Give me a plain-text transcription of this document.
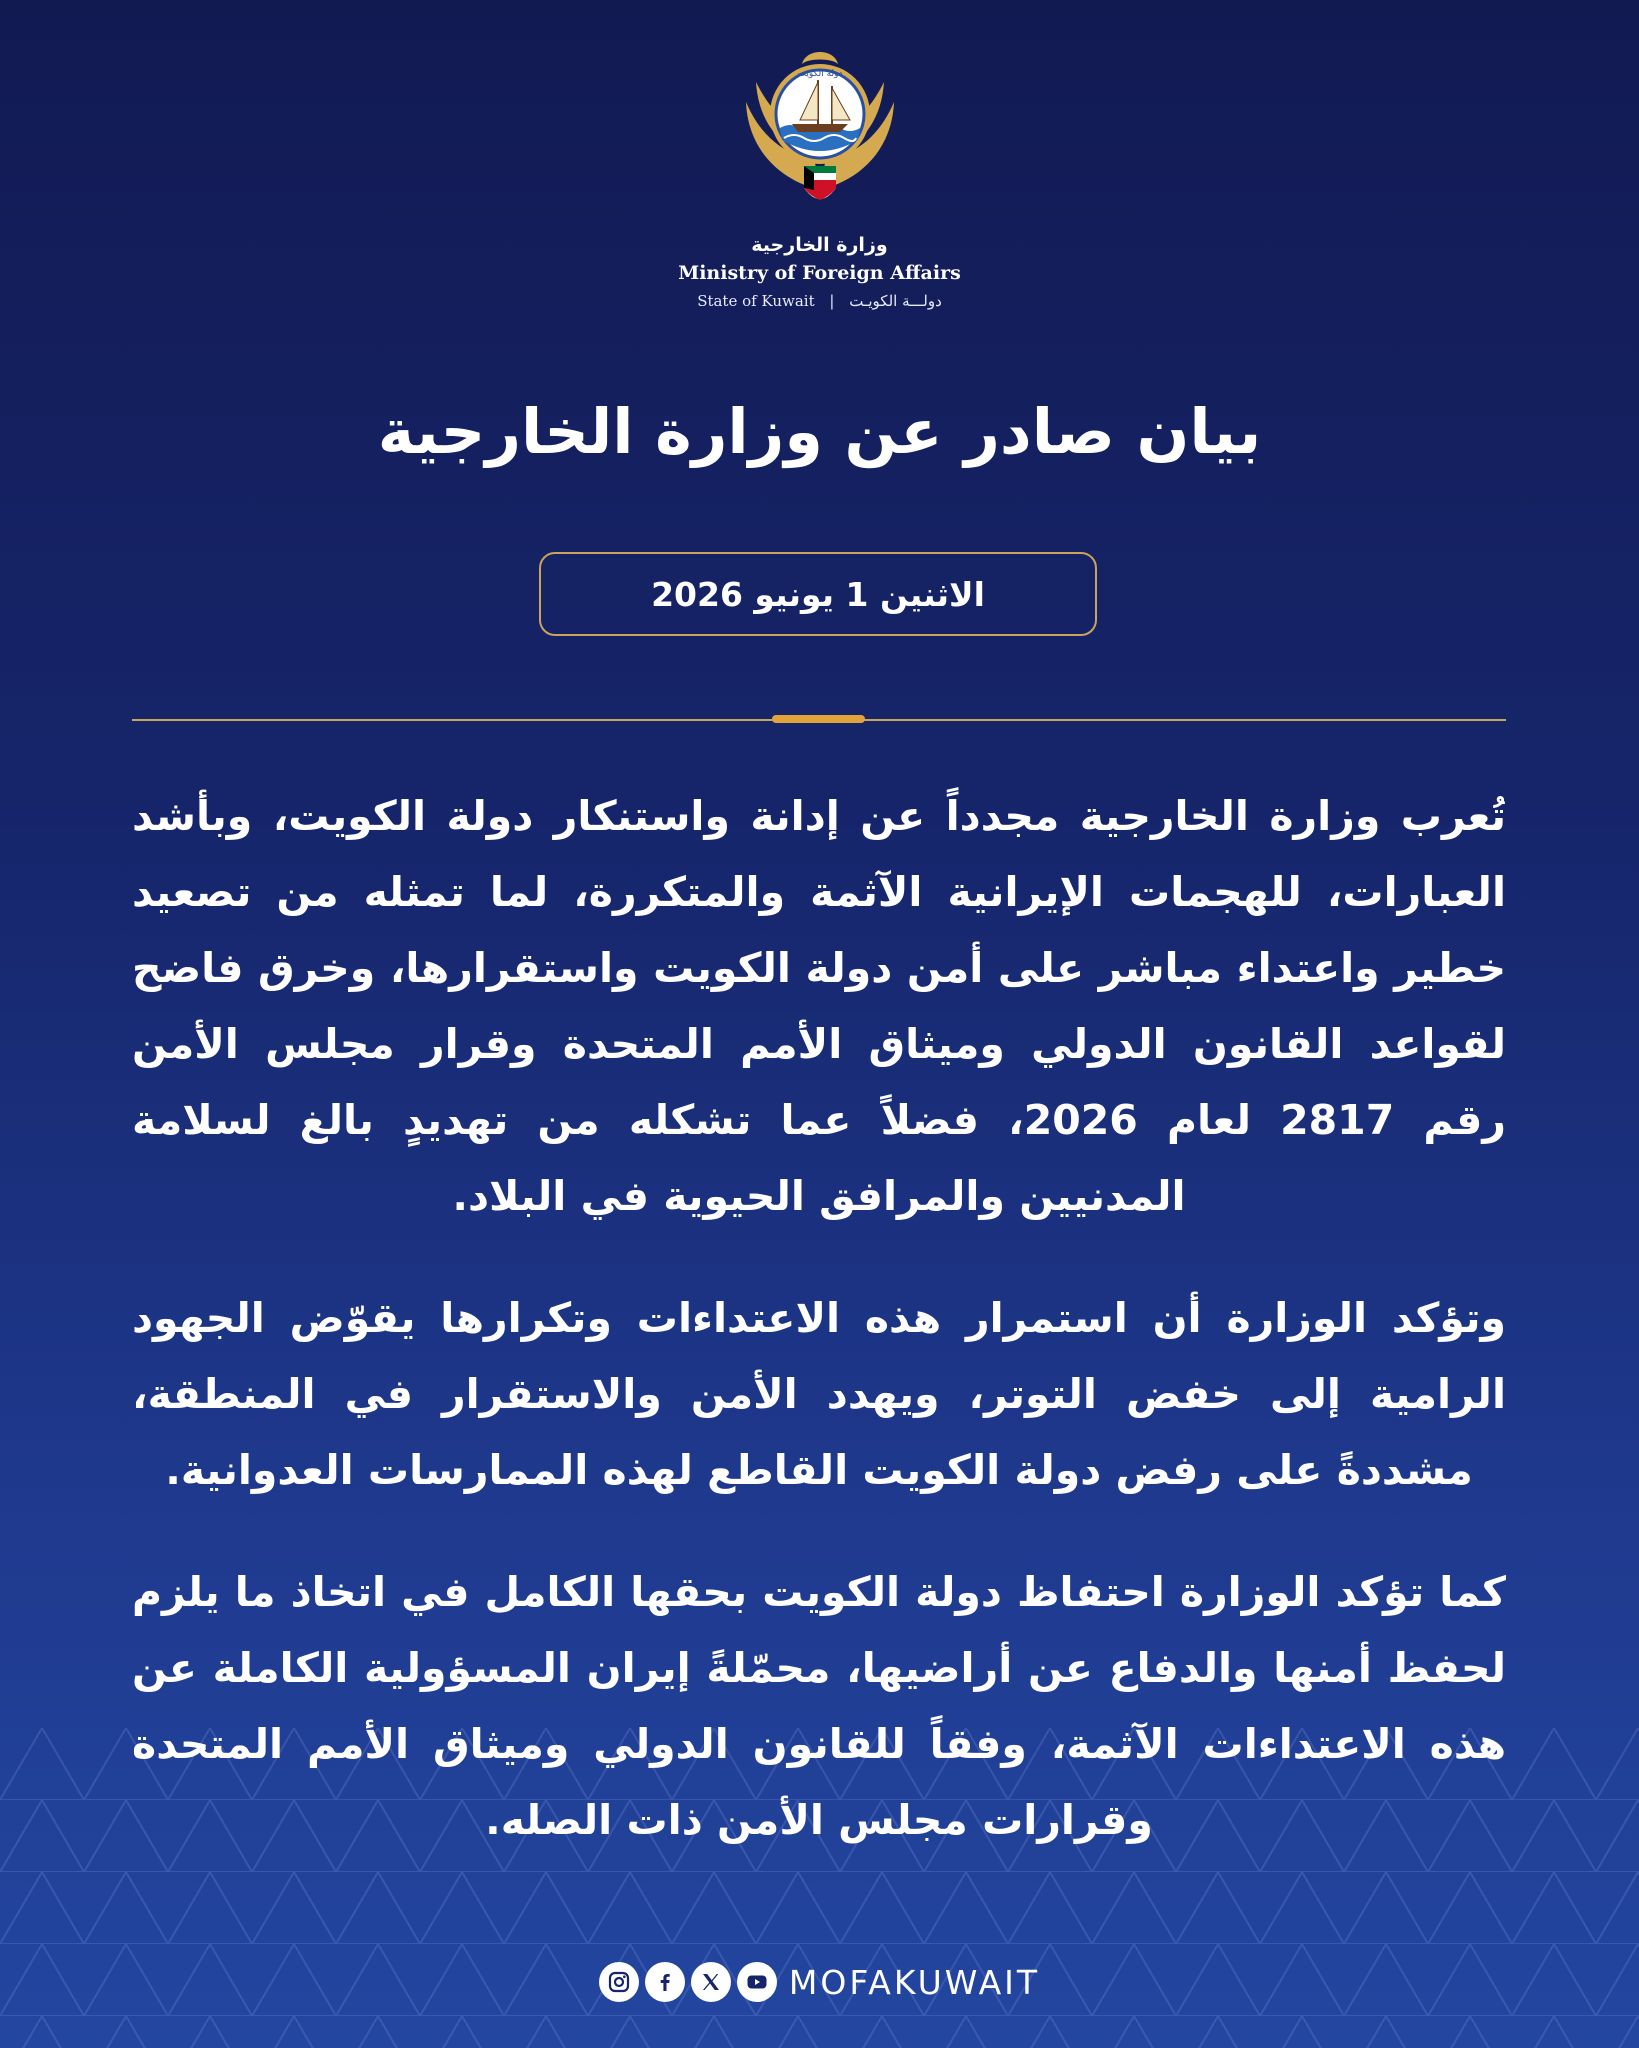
دولة الكويت
وزارة الخارجية
Ministry of Foreign Affairs
State of Kuwait | دولـــة الكويـت
بيان صادر عن وزارة الخارجية
الاثنين 1 يونيو 2026

تُعرب وزارة الخارجية مجدداً عن إدانة واستنكار دولة الكويت، وبأشد العبارات، للهجمات الإيرانية الآثمة والمتكررة، لما تمثله من تصعيد خطير واعتداء مباشر على أمن دولة الكويت واستقرارها، وخرق فاضح لقواعد القانون الدولي وميثاق الأمم المتحدة وقرار مجلس الأمن رقم 2817 لعام 2026، فضلاً عما تشكله من تهديدٍ بالغ لسلامة المدنيين والمرافق الحيوية في البلاد.

وتؤكد الوزارة أن استمرار هذه الاعتداءات وتكرارها يقوّض الجهود الرامية إلى خفض التوتر، ويهدد الأمن والاستقرار في المنطقة، مشددةً على رفض دولة الكويت القاطع لهذه الممارسات العدوانية.

كما تؤكد الوزارة احتفاظ دولة الكويت بحقها الكامل في اتخاذ ما يلزم لحفظ أمنها والدفاع عن أراضيها، محمّلةً إيران المسؤولية الكاملة عن هذه الاعتداءات الآثمة، وفقاً للقانون الدولي وميثاق الأمم المتحدة وقرارات مجلس الأمن ذات الصله.

MOFAKUWAIT
